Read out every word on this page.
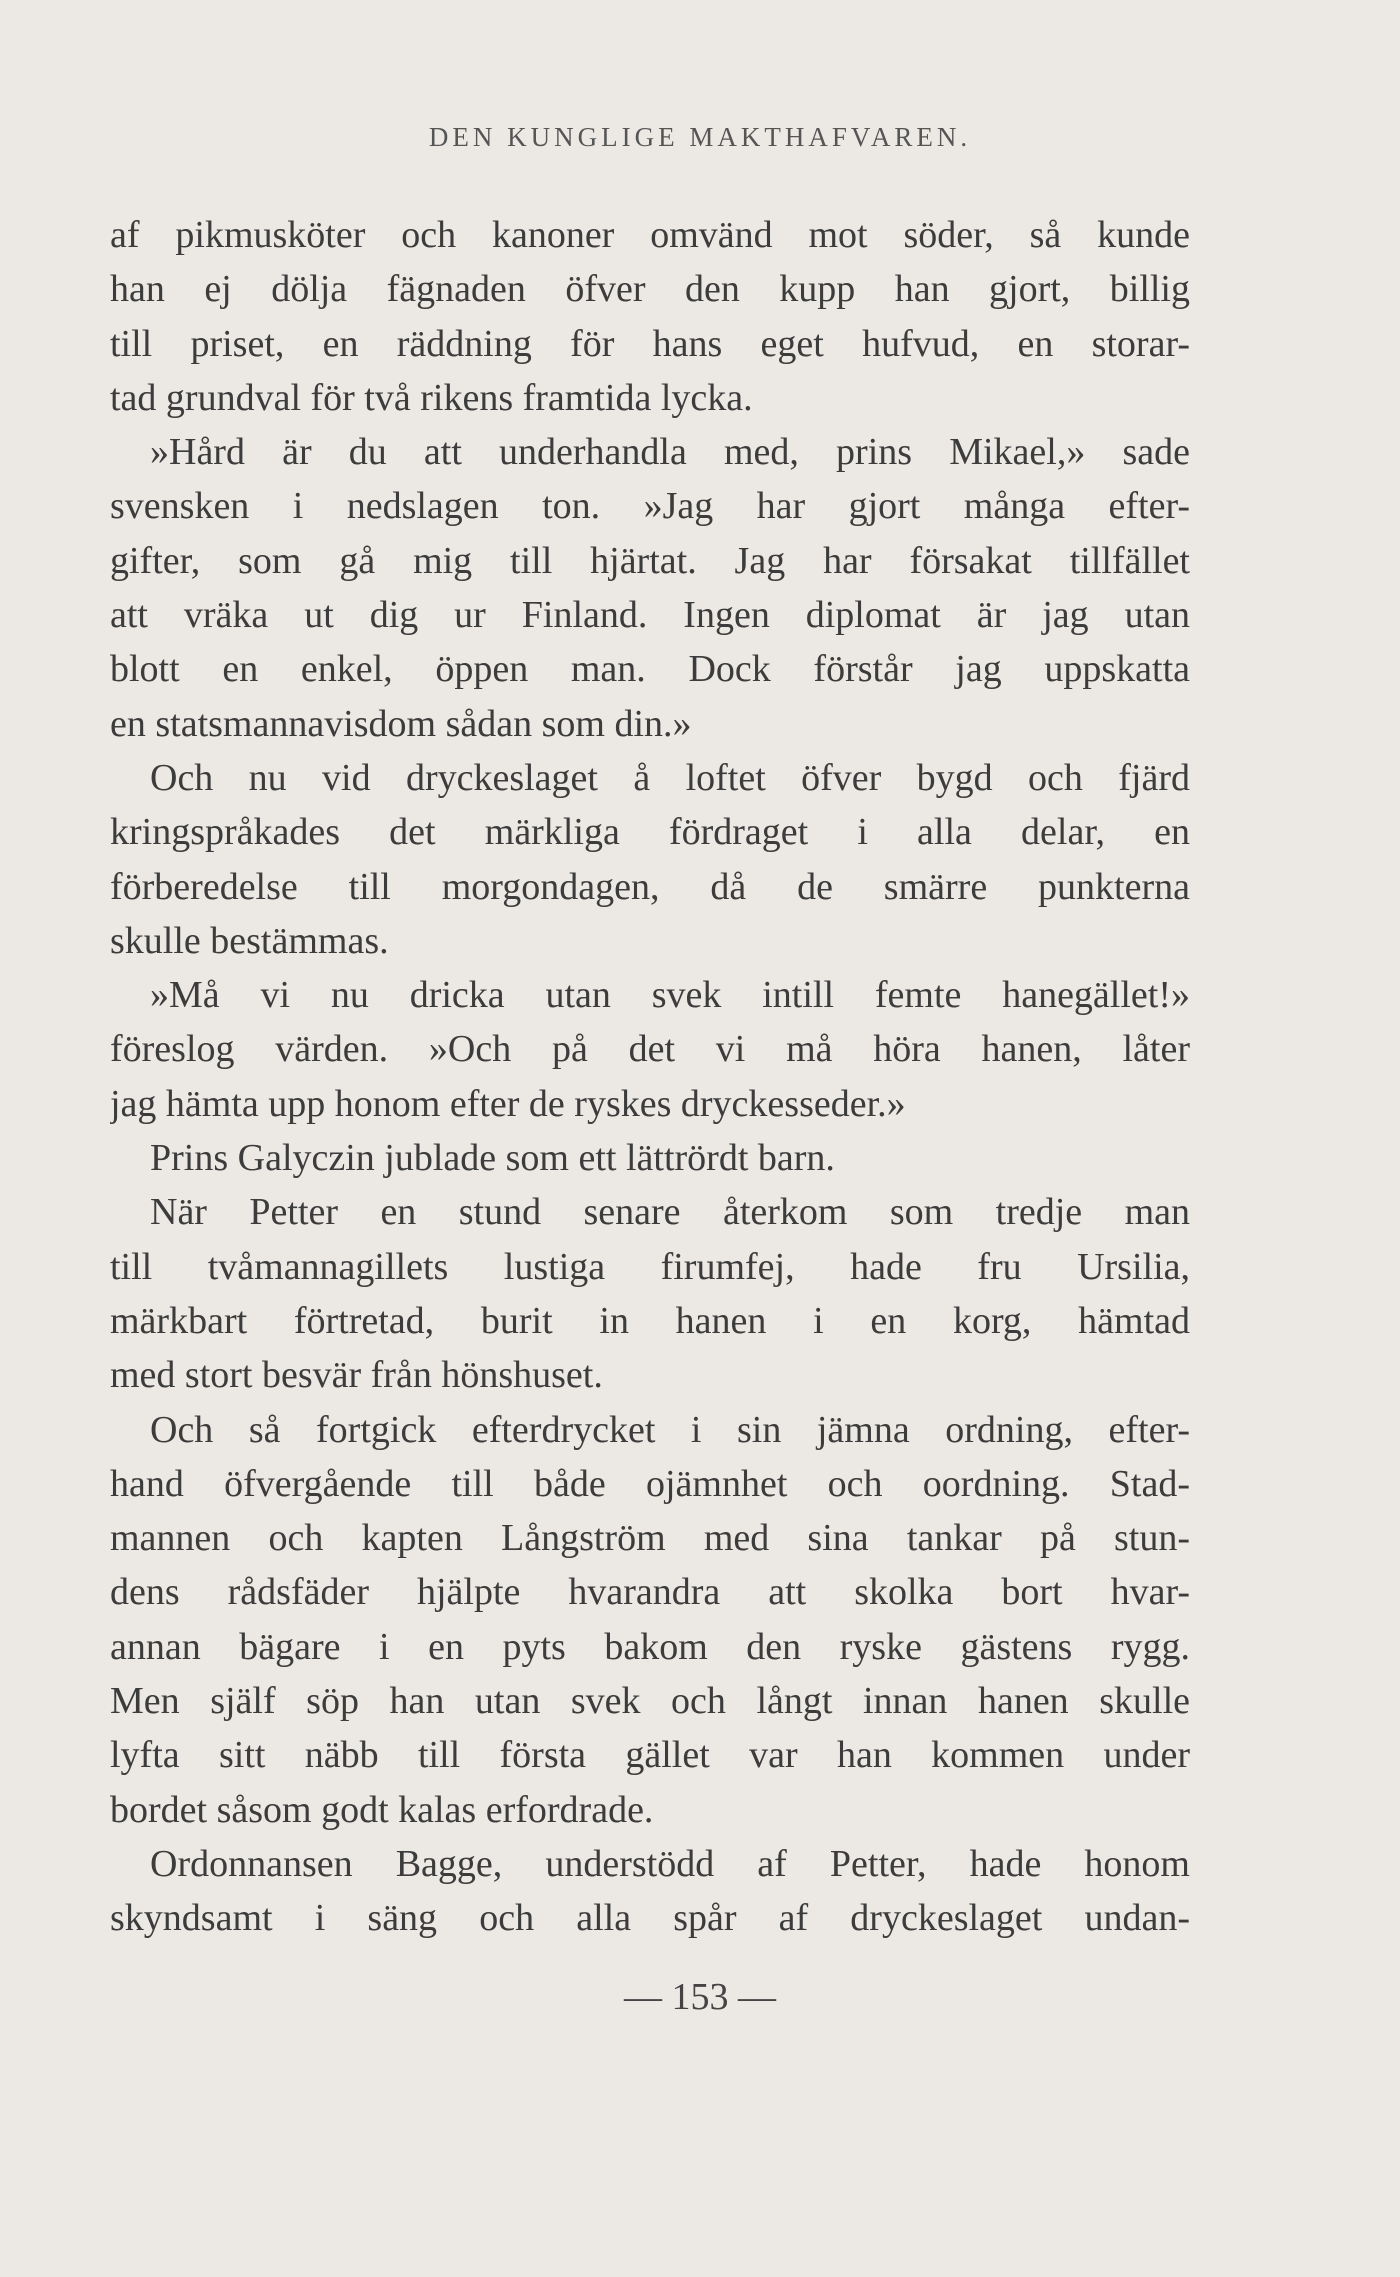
DEN KUNGLIGE MAKTHAFVAREN.
af pikmusköter och kanoner omvänd mot söder, så kunde
han ej dölja fägnaden öfver den kupp han gjort, billig
till priset, en räddning för hans eget hufvud, en storar-
tad grundval för två rikens framtida lycka.
»Hård är du att underhandla med, prins Mikael,» sade
svensken i nedslagen ton. »Jag har gjort många efter-
gifter, som gå mig till hjärtat. Jag har försakat tillfället
att vräka ut dig ur Finland. Ingen diplomat är jag utan
blott en enkel, öppen man. Dock förstår jag uppskatta
en statsmannavisdom sådan som din.»
Och nu vid dryckeslaget å loftet öfver bygd och fjärd
kringspråkades det märkliga fördraget i alla delar, en
förberedelse till morgondagen, då de smärre punkterna
skulle bestämmas.
»Må vi nu dricka utan svek intill femte hanegället!»
föreslog värden. »Och på det vi må höra hanen, låter
jag hämta upp honom efter de ryskes dryckesseder.»
Prins Galyczin jublade som ett lättrördt barn.
När Petter en stund senare återkom som tredje man
till tvåmannagillets lustiga firumfej, hade fru Ursilia,
märkbart förtretad, burit in hanen i en korg, hämtad
med stort besvär från hönshuset.
Och så fortgick efterdrycket i sin jämna ordning, efter-
hand öfvergående till både ojämnhet och oordning. Stad-
mannen och kapten Långström med sina tankar på stun-
dens rådsfäder hjälpte hvarandra att skolka bort hvar-
annan bägare i en pyts bakom den ryske gästens rygg.
Men själf söp han utan svek och långt innan hanen skulle
lyfta sitt näbb till första gället var han kommen under
bordet såsom godt kalas erfordrade.
Ordonnansen Bagge, understödd af Petter, hade honom
skyndsamt i säng och alla spår af dryckeslaget undan-
— 153 —
